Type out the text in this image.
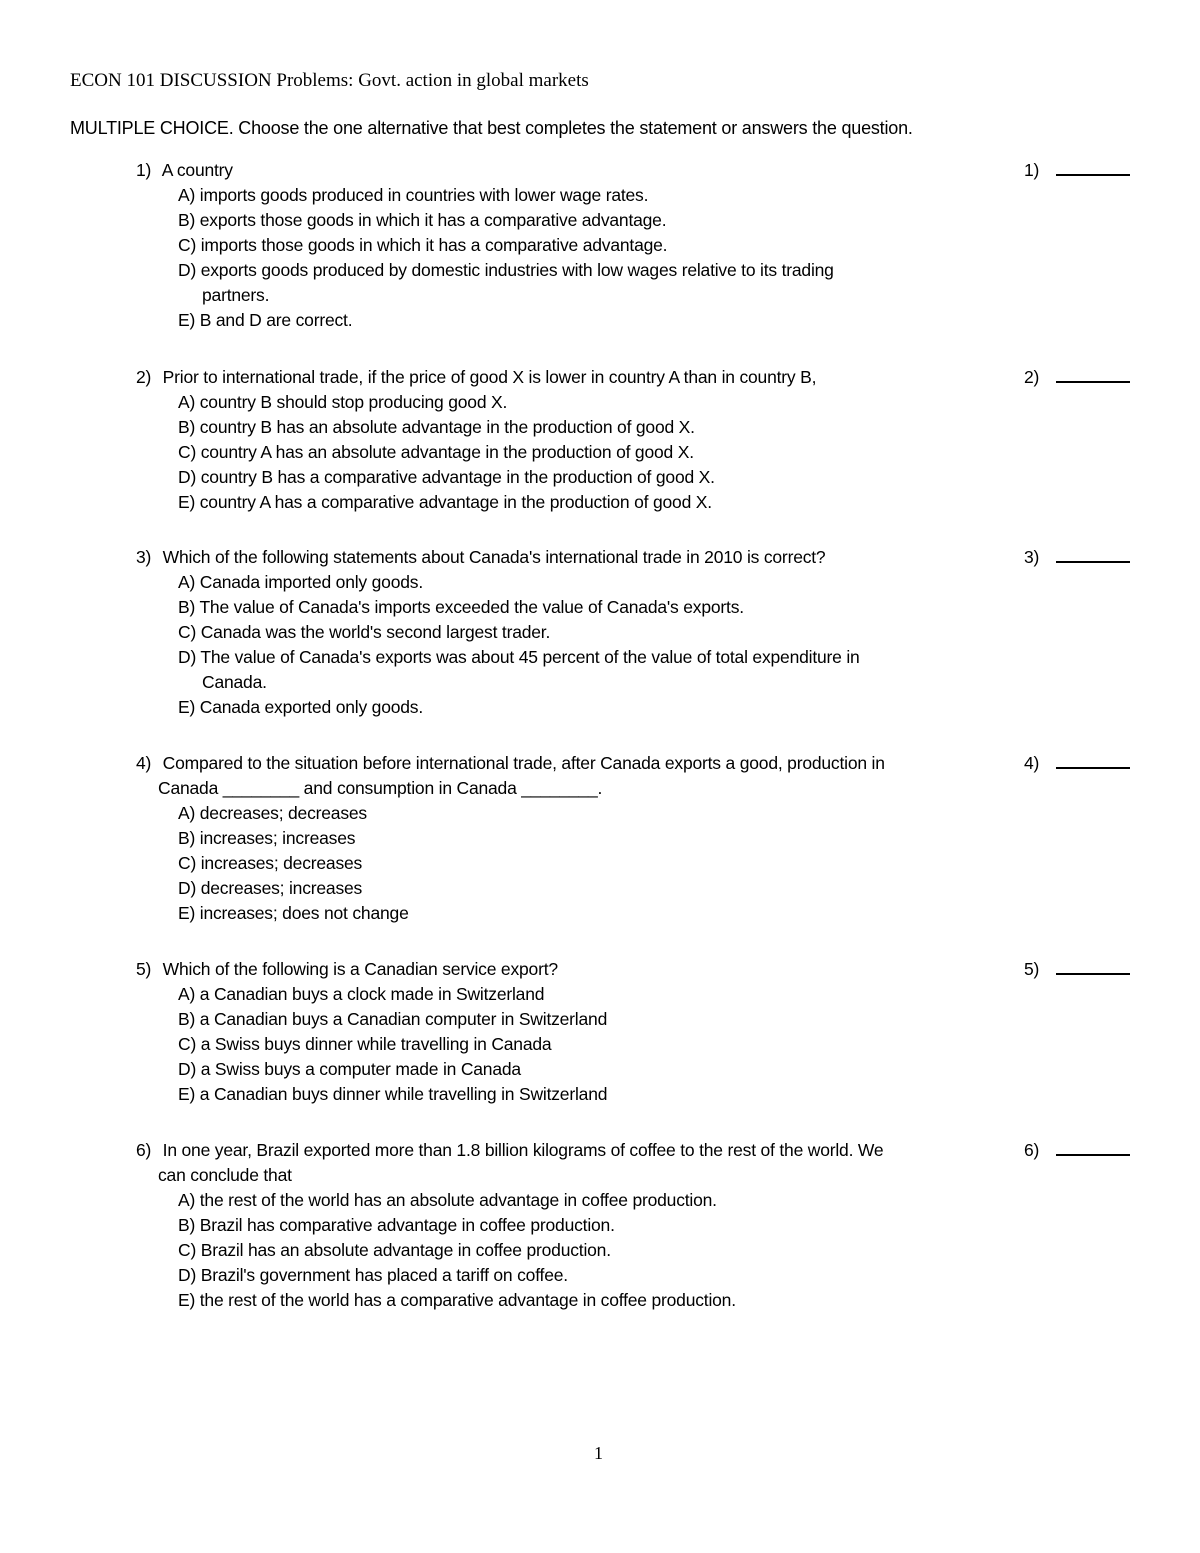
ECON 101 DISCUSSION Problems: Govt. action in global markets
MULTIPLE CHOICE. Choose the one alternative that best completes the statement or answers the question.
1) A country	1)
A) imports goods produced in countries with lower wage rates.
B) exports those goods in which it has a comparative advantage.
C) imports those goods in which it has a comparative advantage.
D) exports goods produced by domestic industries with low wages relative to its trading
partners.
E) B and D are correct.
2) Prior to international trade, if the price of good X is lower in country A than in country B,	2)
A) country B should stop producing good X.
B) country B has an absolute advantage in the production of good X.
C) country A has an absolute advantage in the production of good X.
D) country B has a comparative advantage in the production of good X.
E) country A has a comparative advantage in the production of good X.
3) Which of the following statements about Canada's international trade in 2010 is correct?	3)
A) Canada imported only goods.
B) The value of Canada's imports exceeded the value of Canada's exports.
C) Canada was the world's second largest trader.
D) The value of Canada's exports was about 45 percent of the value of total expenditure in
Canada.
E) Canada exported only goods.
4) Compared to the situation before international trade, after Canada exports a good, production in	4)
Canada ________ and consumption in Canada ________.
A) decreases; decreases
B) increases; increases
C) increases; decreases
D) decreases; increases
E) increases; does not change
5) Which of the following is a Canadian service export?	5)
A) a Canadian buys a clock made in Switzerland
B) a Canadian buys a Canadian computer in Switzerland
C) a Swiss buys dinner while travelling in Canada
D) a Swiss buys a computer made in Canada
E) a Canadian buys dinner while travelling in Switzerland
6) In one year, Brazil exported more than 1.8 billion kilograms of coffee to the rest of the world. We	6)
can conclude that
A) the rest of the world has an absolute advantage in coffee production.
B) Brazil has comparative advantage in coffee production.
C) Brazil has an absolute advantage in coffee production.
D) Brazil's government has placed a tariff on coffee.
E) the rest of the world has a comparative advantage in coffee production.
1
